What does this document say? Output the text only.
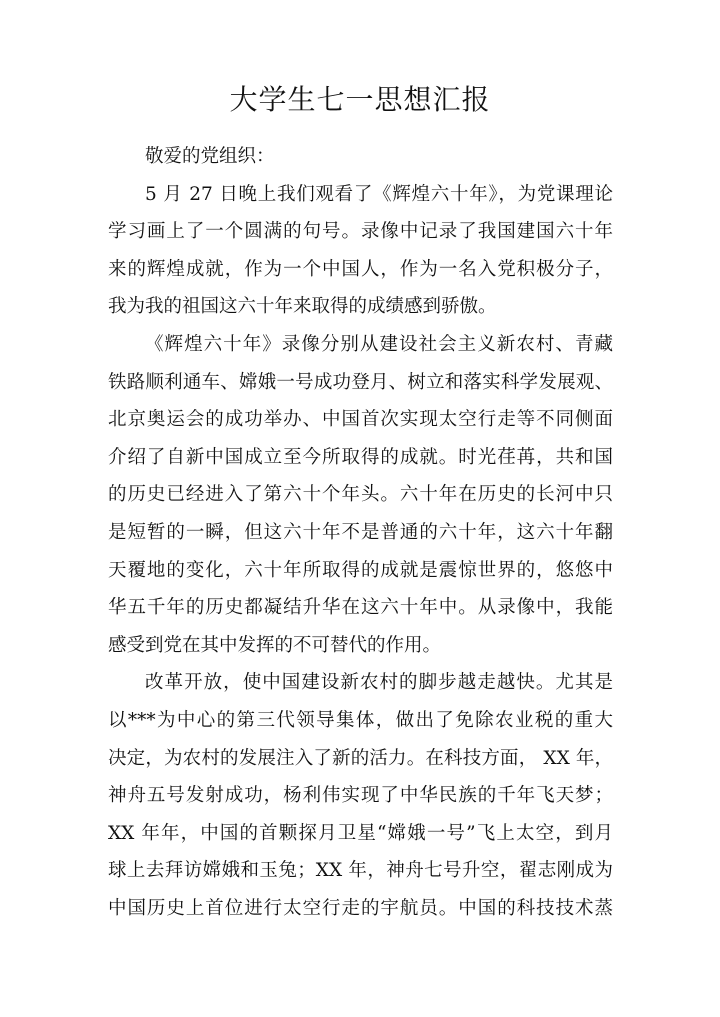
大学生七一思想汇报

敬爱的党组织：

5 月 27 日晚上我们观看了《辉煌六十年》，为党课理论
学习画上了一个圆满的句号。录像中记录了我国建国六十年
来的辉煌成就，作为一个中国人，作为一名入党积极分子，
我为我的祖国这六十年来取得的成绩感到骄傲。

《辉煌六十年》录像分别从建设社会主义新农村、青藏
铁路顺利通车、嫦娥一号成功登月、树立和落实科学发展观、
北京奥运会的成功举办、中国首次实现太空行走等不同侧面
介绍了自新中国成立至今所取得的成就。时光荏苒，共和国
的历史已经进入了第六十个年头。六十年在历史的长河中只
是短暂的一瞬，但这六十年不是普通的六十年，这六十年翻
天覆地的变化，六十年所取得的成就是震惊世界的，悠悠中
华五千年的历史都凝结升华在这六十年中。从录像中，我能
感受到党在其中发挥的不可替代的作用。

改革开放，使中国建设新农村的脚步越走越快。尤其是
以***为中心的第三代领导集体，做出了免除农业税的重大
决定，为农村的发展注入了新的活力。在科技方面， XX 年，
神舟五号发射成功，杨利伟实现了中华民族的千年飞天梦；
XX 年年，中国的首颗探月卫星“嫦娥一号”飞上太空，到月
球上去拜访嫦娥和玉兔；XX 年，神舟七号升空，翟志刚成为
中国历史上首位进行太空行走的宇航员。中国的科技技术蒸
